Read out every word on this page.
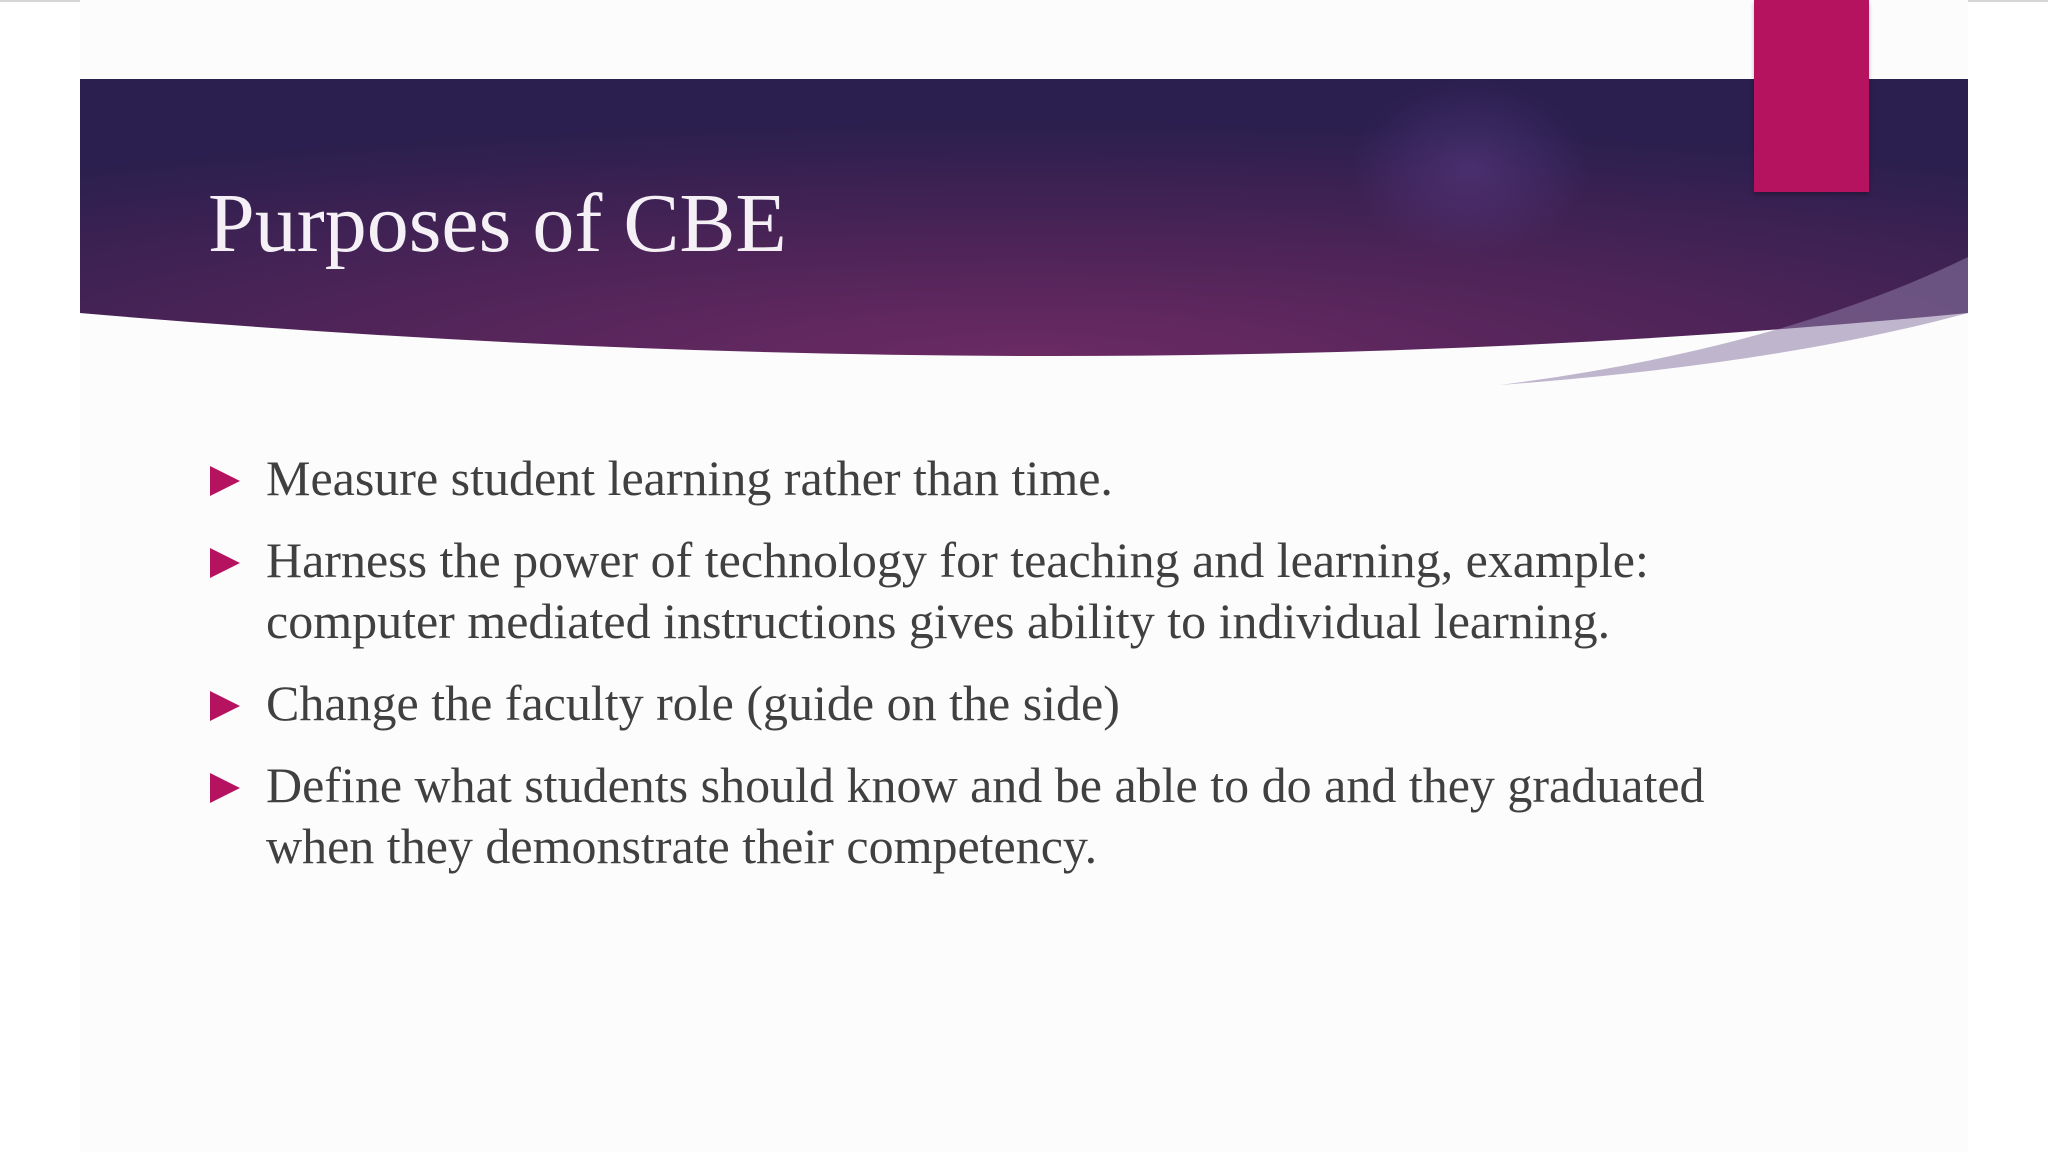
Purposes of CBE
Measure student learning rather than time.
Harness the power of technology for teaching and learning, example: computer mediated instructions gives ability to individual learning.
Change the faculty role (guide on the side)
Define what students should know and be able to do and they graduated when they demonstrate their competency.
